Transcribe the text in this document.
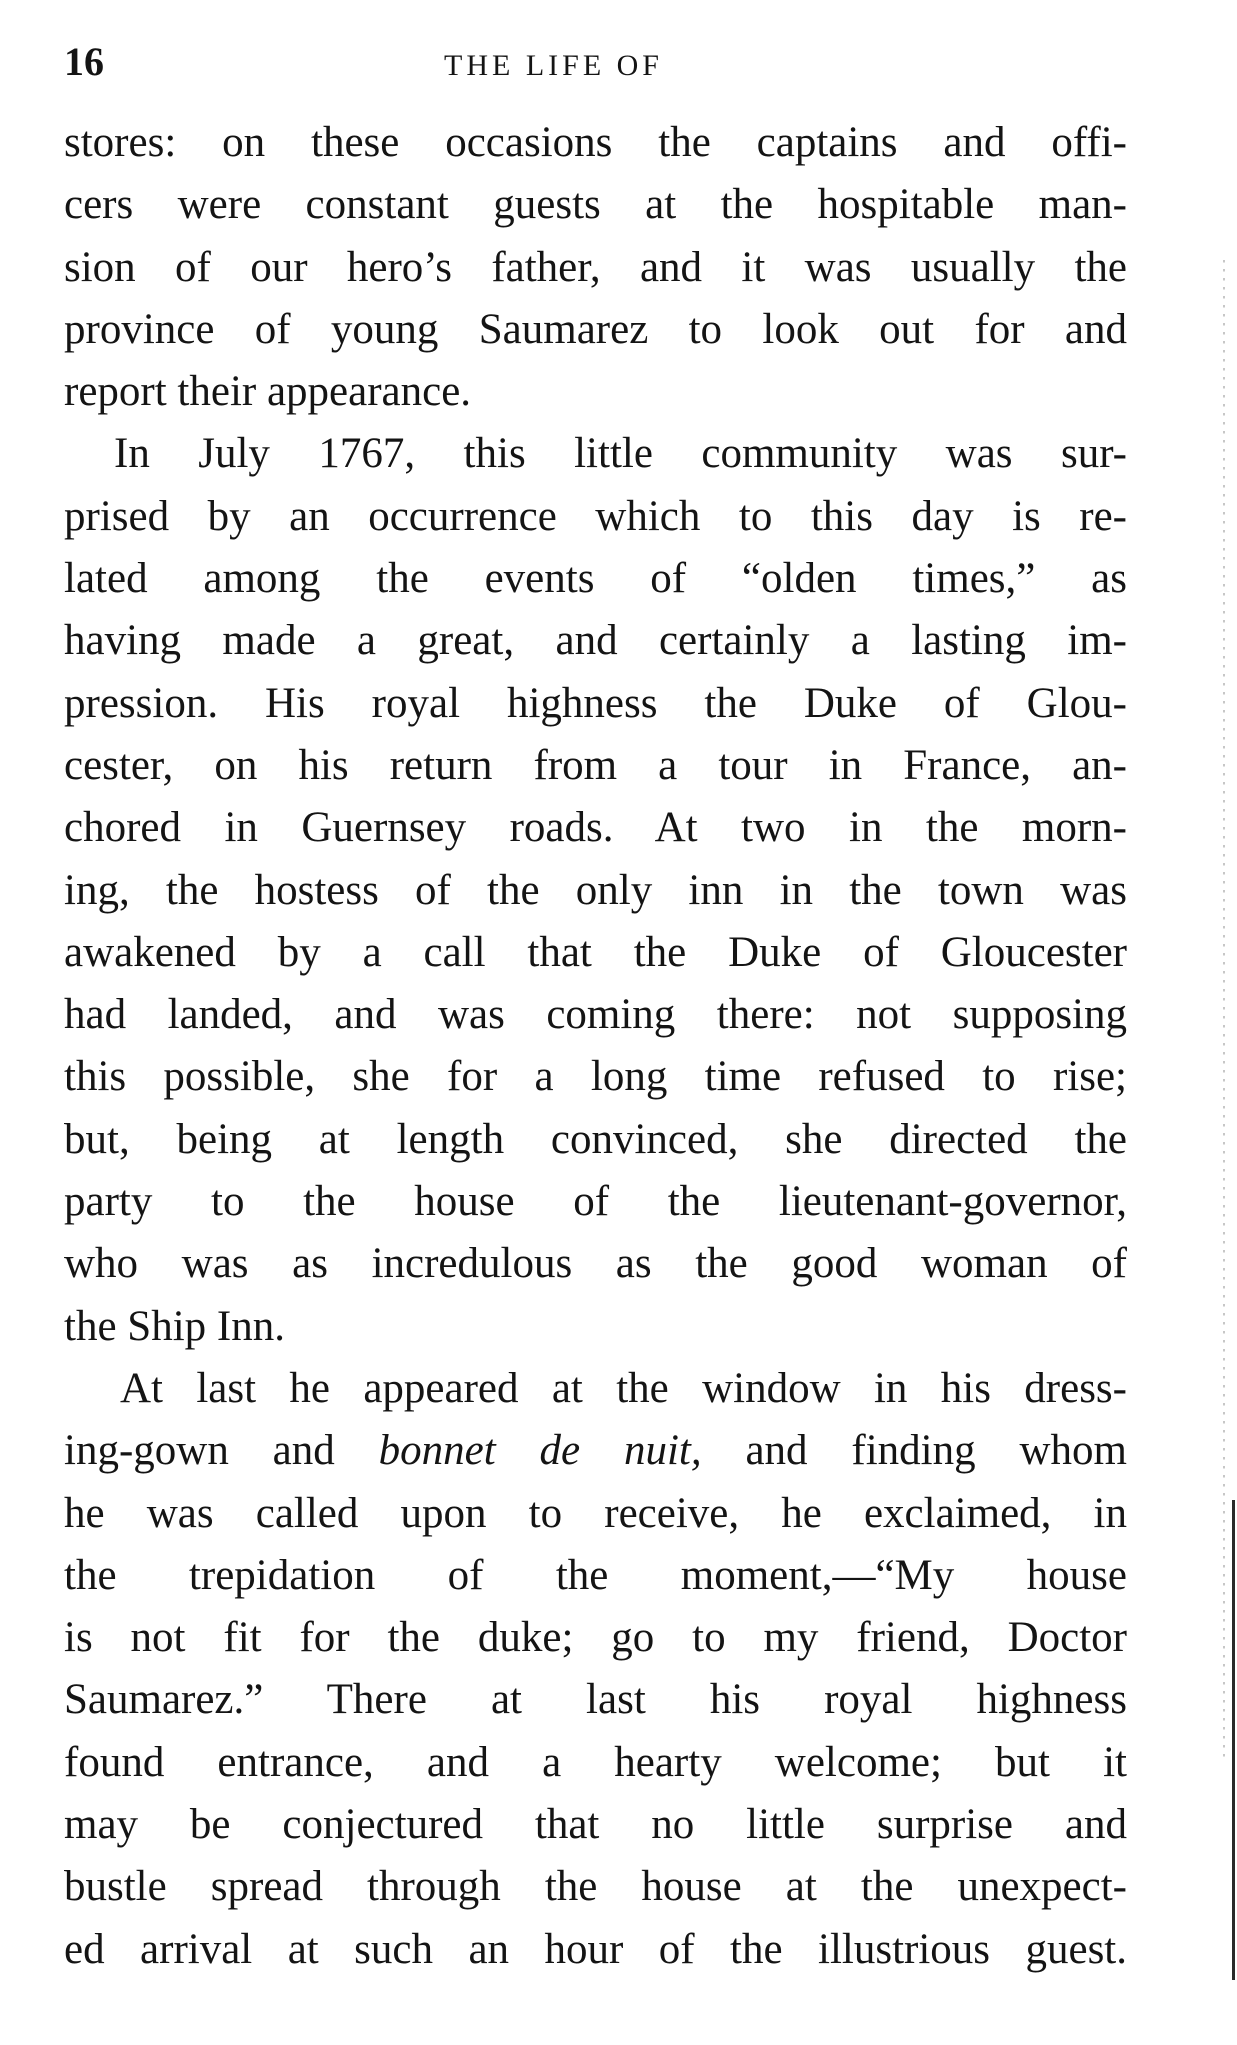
16	THE LIFE OF
stores: on these occasions the captains and offi-
cers were constant guests at the hospitable man-
sion of our hero’s father, and it was usually the
province of young Saumarez to look out for and
report their appearance.
In July 1767, this little community was sur-
prised by an occurrence which to this day is re-
lated among the events of “olden times,” as
having made a great, and certainly a lasting im-
pression. His royal highness the Duke of Glou-
cester, on his return from a tour in France, an-
chored in Guernsey roads. At two in the morn-
ing, the hostess of the only inn in the town was
awakened by a call that the Duke of Gloucester
had landed, and was coming there: not supposing
this possible, she for a long time refused to rise;
but, being at length convinced, she directed the
party to the house of the lieutenant-governor,
who was as incredulous as the good woman of
the Ship Inn.
At last he appeared at the window in his dress-
ing-gown and bonnet de nuit, and finding whom
he was called upon to receive, he exclaimed, in
the trepidation of the moment,—“My house
is not fit for the duke; go to my friend, Doctor
Saumarez.” There at last his royal highness
found entrance, and a hearty welcome; but it
may be conjectured that no little surprise and
bustle spread through the house at the unexpect-
ed arrival at such an hour of the illustrious guest.
